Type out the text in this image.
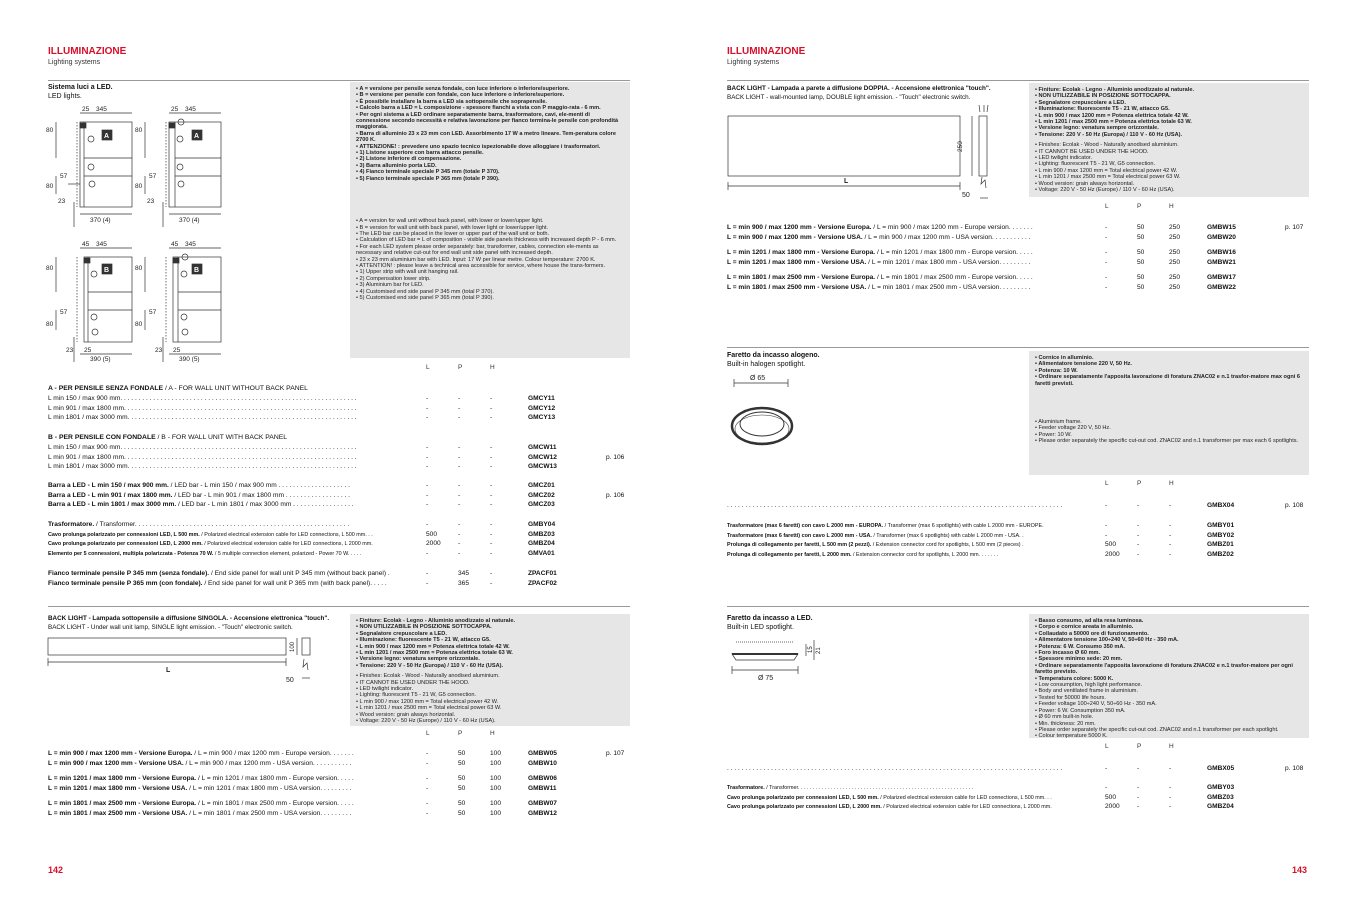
ILLUMINAZIONE
Lighting systems
ILLUMINAZIONE
Lighting systems
Sistema luci a LED.
LED lights.
25 345	25 345
80	80
80	80
57	57
23	23
370 (4)	370 (4)
45 345	45 345
80	80
80	80
57	57
23	23
25	25
390 (5)	390 (5)
A	A
B	B
• A = versione per pensile senza fondale, con luce inferiore o inferiore/superiore.
• B = versione per pensile con fondale, con luce inferiore o inferiore/superiore.
• È possibile installare la barra a LED sia sottopensile che soprapensile.
• Calcolo barra a LED = L composizione - spessore fianchi a vista con P maggio-rata - 6 mm.
• Per ogni sistema a LED ordinare separatamente barra, trasformatore, cavi, ele-menti di connessione secondo necessità e relativa lavorazione per fianco termina-le pensile con profondità maggiorata.
• Barra di alluminio 23 x 23 mm con LED. Assorbimento 17 W a metro lineare. Tem-peratura colore 2700 K.
• ATTENZIONE! : prevedere uno spazio tecnico ispezionabile dove alloggiare i trasformatori.
• 1) Listone superiore con barra attacco pensile.
• 2) Listone inferiore di compensazione.
• 3) Barra alluminio porta LED.
• 4) Fianco terminale speciale P 345 mm (totale P 370).
• 5) Fianco terminale speciale P 365 mm (totale P 390).
• A = version for wall unit without back panel, with lower or lower/upper light.
• B = version for wall unit with back panel, with lower light or lower/upper light.
• The LED bar can be placed in the lower or upper part of the wall unit or both.
• Calculation of LED bar = L of composition - visible side panels thickness with increased depth P - 6 mm.
• For each LED system please order separately: bar, transformer, cables, connection ele-ments as necessary and relative cut-out for end wall unit side panel with increased depth.
• 23 x 23 mm aluminium bar with LED. Input: 17 W per linear metre. Colour temperature: 2700 K.
• ATTENTION! : please leave a technical area accessible for service, where house the trans-formers.
• 1) Upper strip with wall unit hanging rail.
• 2) Compensation lower strip.
• 3) Aluminium bar for LED.
• 4) Customised end side panel P 345 mm (total P 370).
• 5) Customised end side panel P 365 mm (total P 390).
L	P	H
A - PER PENSILE SENZA FONDALE / A - FOR WALL UNIT WITHOUT BACK PANEL
L min 150 / max 900 mm. . . . . . . . . . . . . . . . . . . . . . . . . . . . . . . . . . . . . . . . . . . . . . . . . . . . . . . . . . . . . . . . .	-	-	-	GMCY11
L min 901 / max 1800 mm. . . . . . . . . . . . . . . . . . . . . . . . . . . . . . . . . . . . . . . . . . . . . . . . . . . . . . . . . . . . . . . .	-	-	-	GMCY12
L min 1801 / max 3000 mm. . . . . . . . . . . . . . . . . . . . . . . . . . . . . . . . . . . . . . . . . . . . . . . . . . . . . . . . . . . . . . .	-	-	-	GMCY13
B - PER PENSILE CON FONDALE / B - FOR WALL UNIT WITH BACK PANEL
L min 150 / max 900 mm. . . . . . . . . . . . . . . . . . . . . . . . . . . . . . . . . . . . . . . . . . . . . . . . . . . . . . . . . . . . . . . . .	-	-	-	GMCW11
L min 901 / max 1800 mm. . . . . . . . . . . . . . . . . . . . . . . . . . . . . . . . . . . . . . . . . . . . . . . . . . . . . . . . . . . . . . . .	-	-	-	GMCW12	p. 106
L min 1801 / max 3000 mm. . . . . . . . . . . . . . . . . . . . . . . . . . . . . . . . . . . . . . . . . . . . . . . . . . . . . . . . . . . . . . .	-	-	-	GMCW13
Barra a LED - L min 150 / max 900 mm. / LED bar - L min 150 / max 900 mm . . . . . . . . . . . . . . . . . . . .	-	-	-	GMCZ01
Barra a LED - L min 901 / max 1800 mm. / LED bar - L min 901 / max 1800 mm . . . . . . . . . . . . . . . . . .	-	-	-	GMCZ02	p. 106
Barra a LED - L min 1801 / max 3000 mm. / LED bar - L min 1801 / max 3000 mm . . . . . . . . . . . . . . . . .	-	-	-	GMCZ03
Trasformatore. / Transformer. . . . . . . . . . . . . . . . . . . . . . . . . . . . . . . . . . . . . . . . . . . . . . . . . . . . . . . . . . .	-	-	-	GMBY04
Cavo prolunga polarizzato per connessioni LED, L 500 mm. / Polarized electrical extension cable for LED connections, L 500 mm. . .	500	-	-	GMBZ03
Cavo prolunga polarizzato per connessioni LED, L 2000 mm. / Polarized electrical extension cable for LED connections, L 2000 mm.	2000	-	-	GMBZ04
Elemento per 5 connessioni, multipla polarizzata - Potenza 70 W. / 5 multiple connection element, polarized - Power 70 W. . . . .	-	-	-	GMVA01
Fianco terminale pensile P 345 mm (senza fondale). / End side panel for wall unit P 345 mm (without back panel) .	-	345	-	ZPACF01
Fianco terminale pensile P 365 mm (con fondale). / End side panel for wall unit P 365 mm (with back panel). . . . .	-	365	-	ZPACF02
BACK LIGHT - Lampada sottopensile a diffusione SINGOLA. - Accensione elettronica "touch".
BACK LIGHT - Under wall unit lamp, SINGLE light emission. - "Touch" electronic switch.
L
50
100
• Finiture: Ecolak - Legno - Alluminio anodizzato al naturale.
• NON UTILIZZABILE IN POSIZIONE SOTTOCAPPA.
• Segnalatore crepuscolare a LED.
• Illuminazione: fluorescente T5 - 21 W, attacco G5.
• L min 900 / max 1200 mm = Potenza elettrica totale 42 W.
• L min 1201 / max 2500 mm = Potenza elettrica totale 63 W.
• Versione legno: venatura sempre orizzontale.
• Tensione: 220 V - 50 Hz (Europa) / 110 V - 60 Hz (USA).
• Finishes: Ecolak - Wood - Naturally anodised aluminium.
• IT CANNOT BE USED UNDER THE HOOD.
• LED twilight indicator.
• Lighting: fluorescent T5 - 21 W, G5 connection.
• L min 900 / max 1200 mm = Total electrical power 42 W.
• L min 1201 / max 2500 mm = Total electrical power 63 W.
• Wood version: grain always horizontal.
• Voltage: 220 V - 50 Hz (Europe) / 110 V - 60 Hz (USA).
L	P	H
L = min 900 / max 1200 mm - Versione Europa. / L = min 900 / max 1200 mm - Europe version. . . . . . .	-	50	100	GMBW05	p. 107
L = min 900 / max 1200 mm - Versione USA. / L = min 900 / max 1200 mm - USA version. . . . . . . . . . .	-	50	100	GMBW10
L = min 1201 / max 1800 mm - Versione Europa. / L = min 1201 / max 1800 mm - Europe version. . . . .	-	50	100	GMBW06
L = min 1201 / max 1800 mm - Versione USA. / L = min 1201 / max 1800 mm - USA version. . . . . . . . .	-	50	100	GMBW11
L = min 1801 / max 2500 mm - Versione Europa. / L = min 1801 / max 2500 mm - Europe version. . . . .	-	50	100	GMBW07
L = min 1801 / max 2500 mm - Versione USA. / L = min 1801 / max 2500 mm - USA version. . . . . . . . .	-	50	100	GMBW12
BACK LIGHT - Lampada a parete a diffusione DOPPIA. - Accensione elettronica "touch".
BACK LIGHT - wall-mounted lamp, DOUBLE light emission. - "Touch" electronic switch.
L
50
250
• Finiture: Ecolak - Legno - Alluminio anodizzato al naturale.
• NON UTILIZZABILE IN POSIZIONE SOTTOCAPPA.
• Segnalatore crepuscolare a LED.
• Illuminazione: fluorescente T5 - 21 W, attacco G5.
• L min 900 / max 1200 mm = Potenza elettrica totale 42 W.
• L min 1201 / max 2500 mm = Potenza elettrica totale 63 W.
• Versione legno: venatura sempre orizzontale.
• Tensione: 220 V - 50 Hz (Europa) / 110 V - 60 Hz (USA).
• Finishes: Ecolak - Wood - Naturally anodised aluminium.
• IT CANNOT BE USED UNDER THE HOOD.
• LED twilight indicator.
• Lighting: fluorescent T5 - 21 W, G5 connection.
• L min 900 / max 1200 mm = Total electrical power 42 W.
• L min 1201 / max 2500 mm = Total electrical power 63 W.
• Wood version: grain always horizontal.
• Voltage: 220 V - 50 Hz (Europe) / 110 V - 60 Hz (USA).
L	P	H
L = min 900 / max 1200 mm - Versione Europa. / L = min 900 / max 1200 mm - Europe version. . . . . . .	-	50	250	GMBW15	p. 107
L = min 900 / max 1200 mm - Versione USA. / L = min 900 / max 1200 mm - USA version. . . . . . . . . . .	-	50	250	GMBW20
L = min 1201 / max 1800 mm - Versione Europa. / L = min 1201 / max 1800 mm - Europe version. . . . .	-	50	250	GMBW16
L = min 1201 / max 1800 mm - Versione USA. / L = min 1201 / max 1800 mm - USA version. . . . . . . . .	-	50	250	GMBW21
L = min 1801 / max 2500 mm - Versione Europa. / L = min 1801 / max 2500 mm - Europe version. . . . .	-	50	250	GMBW17
L = min 1801 / max 2500 mm - Versione USA. / L = min 1801 / max 2500 mm - USA version. . . . . . . . .	-	50	250	GMBW22
Faretto da incasso alogeno.
Built-in halogen spotlight.
Ø 65
• Cornice in alluminio.
• Alimentatore tensione 220 V, 50 Hz.
• Potenza: 10 W.
• Ordinare separatamente l'apposita lavorazione di foratura ZNAC02 e n.1 trasfor-matore max ogni 6 faretti previsti.
• Aluminium frame.
• Feeder voltage 220 V, 50 Hz.
• Power: 10 W.
• Please order separately the specific cut-out cod. ZNAC02 and n.1 transformer per max each 6 spotlights.
L	P	H
. . . . . . . . . . . . . . . . . . . . . . . . . . . . . . . . . . . . . . . . . . . . . . . . . . . . . . . . . . . . . . . . . . . . . . . . . . . . . . . . . . . . . . . . . . . .	-	-	-	GMBX04	p. 108
Trasformatore (max 6 faretti) con cavo L 2000 mm - EUROPA. / Transformer (max 6 spotlights) with cable L 2000 mm - EUROPE.	-	-	-	GMBY01
Trasformatore (max 6 faretti) con cavo L 2000 mm - USA. / Transformer (max 6 spotlights) with cable L 2000 mm - USA. .	-	-	-	GMBY02
Prolunga di collegamento per faretti, L 500 mm (2 pezzi). / Extension connector cord for spotlights, L 500 mm (2 pieces) .	500	-	-	GMBZ01
Prolunga di collegamento per faretti, L 2000 mm. / Extension connector cord for spotlights, L 2000 mm. . . . . . .	2000	-	-	GMBZ02
Faretto da incasso a LED.
Built-in LED spotlight.
Ø 75
15 21
• Basso consumo, ad alta resa luminosa.
• Corpo e cornice areata in alluminio.
• Collaudato a 50000 ore di funzionamento.
• Alimentatore tensione 100÷240 V, 50÷60 Hz - 350 mA.
• Potenza: 6 W. Consumo 350 mA.
• Foro incasso Ø 60 mm.
• Spessore minimo sede: 20 mm.
• Ordinare separatamente l'apposita lavorazione di foratura ZNAC02 e n.1 trasfor-matore per ogni faretto previsto.
• Temperatura colore: 5000 K.
• Low consumption, high light performance.
• Body and ventilated frame in aluminium.
• Tested for 50000 life hours.
• Feeder voltage 100÷240 V, 50÷60 Hz - 350 mA.
• Power: 6 W. Consumption 350 mA.
• Ø 60 mm built-in hole.
• Min. thickness: 20 mm.
• Please order separately the specific cut-out cod. ZNAC02 and n.1 transformer per each spotlight.
• Colour temperature 5000 K.
L	P	H
. . . . . . . . . . . . . . . . . . . . . . . . . . . . . . . . . . . . . . . . . . . . . . . . . . . . . . . . . . . . . . . . . . . . . . . . . . . . . . . . . . . . . . . . . . . .	-	-	-	GMBX05	p. 108
Trasformatore. / Transformer. . . . . . . . . . . . . . . . . . . . . . . . . . . . . . . . . . . . . . . . . . . . . . . . . . . . . . . . . . .	-	-	-	GMBY03
Cavo prolunga polarizzato per connessioni LED, L 500 mm. / Polarized electrical extension cable for LED connections, L 500 mm. . .	500	-	-	GMBZ03
Cavo prolunga polarizzato per connessioni LED, L 2000 mm. / Polarized electrical extension cable for LED connections, L 2000 mm.	2000	-	-	GMBZ04
142	143
